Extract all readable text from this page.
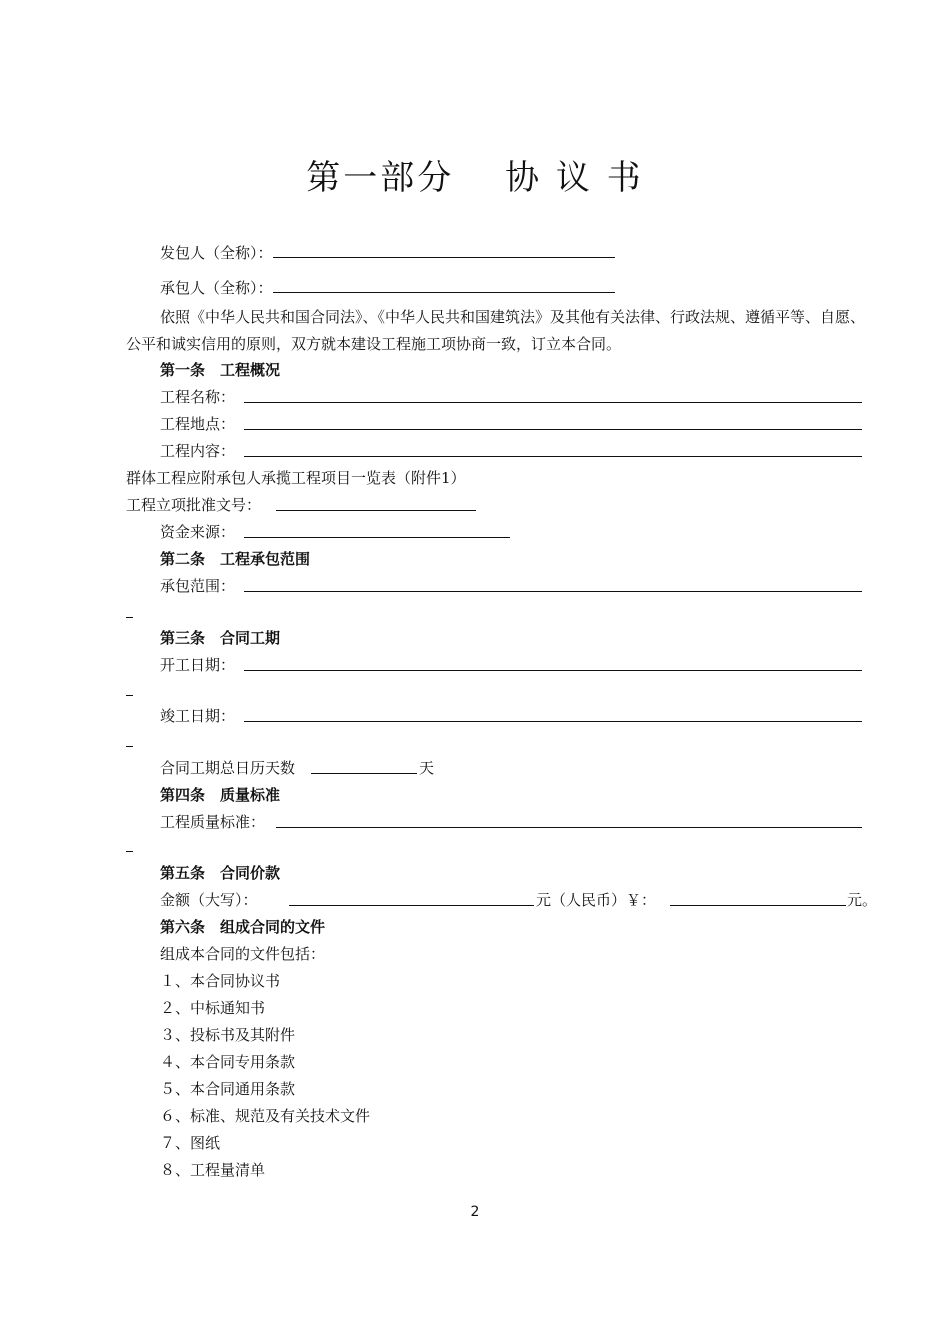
第一部分　 协 议 书
发包人（全称）：
承包人（全称）：
依照《中华人民共和国合同法》、《中华人民共和国建筑法》及其他有关法律、行政法规、遵循平等、自愿、公平和诚实信用的原则，双方就本建设工程施工项协商一致，订立本合同。
第一条　工程概况
工程名称：
工程地点：
工程内容：
群体工程应附承包人承揽工程项目一览表（附件1）
工程立项批准文号：
资金来源：
第二条　工程承包范围
承包范围：
第三条　合同工期
开工日期：
竣工日期：
合同工期总日历天数	天
第四条　质量标准
工程质量标准：
第五条　合同价款
金额（大写）：	元（人民币）￥：	元。
第六条　组成合同的文件
组成本合同的文件包括：
１、本合同协议书
２、中标通知书
３、投标书及其附件
４、本合同专用条款
５、本合同通用条款
６、标准、规范及有关技术文件
７、图纸
８、工程量清单
2
